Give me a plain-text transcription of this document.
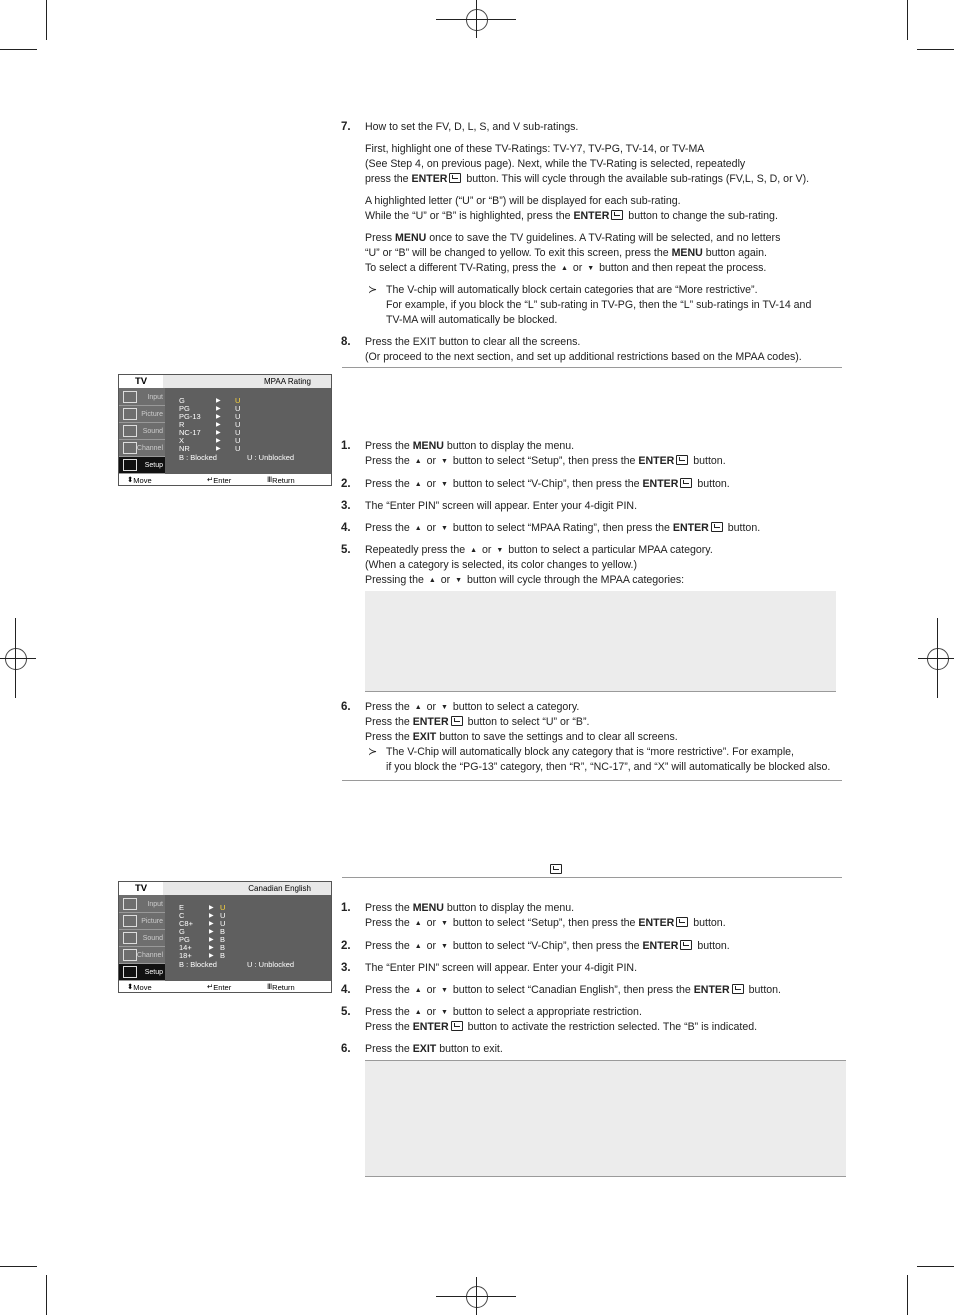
7. How to set the FV, D, L, S, and V sub-ratings.
First, highlight one of these TV-Ratings: TV-Y7, TV-PG, TV-14, or TV-MA
(See Step 4, on previous page). Next, while the TV-Rating is selected, repeatedly
press the ENTER button. This will cycle through the available sub-ratings (FV,L, S, D, or V).
A highlighted letter (“U” or “B”) will be displayed for each sub-rating.
While the “U” or “B” is highlighted, press the ENTER button to change the sub-rating.
Press MENU once to save the TV guidelines. A TV-Rating will be selected, and no letters
“U” or “B” will be changed to yellow. To exit this screen, press the MENU button again.
To select a different TV-Rating, press the ▲ or ▼ button and then repeat the process.
≻ The V-chip will automatically block certain categories that are “More restrictive”.
For example, if you block the “L” sub-rating in TV-PG, then the “L” sub-ratings in TV-14 and
TV-MA will automatically be blocked.
8. Press the EXIT button to clear all the screens.
(Or proceed to the next section, and set up additional restrictions based on the MPAA codes).
TV	MPAA Rating
Input
Picture
Sound
Channel
Setup
G	▶ U
PG	▶ U
PG-13	▶ U
R	▶ U
NC-17	▶ U
X	▶ U
NR	▶ U
B : Blocked	U : Unblocked
⬍ Move	↵ Enter	Ⅲ Return
1. Press the MENU button to display the menu.
Press the ▲ or ▼ button to select “Setup”, then press the ENTER button.
2. Press the ▲ or ▼ button to select “V-Chip”, then press the ENTER button.
3. The “Enter PIN” screen will appear. Enter your 4-digit PIN.
4. Press the ▲ or ▼ button to select “MPAA Rating”, then press the ENTER button.
5. Repeatedly press the ▲ or ▼ button to select a particular MPAA category.
(When a category is selected, its color changes to yellow.)
Pressing the ▲ or ▼ button will cycle through the MPAA categories:
6. Press the ▲ or ▼ button to select a category.
Press the ENTER button to select “U” or “B”.
Press the EXIT button to save the settings and to clear all screens.
≻ The V-Chip will automatically block any category that is “more restrictive”. For example,
if you block the “PG-13” category, then “R”, “NC-17”, and “X” will automatically be blocked also.
TV	Canadian English
Input
Picture
Sound
Channel
Setup
E	▶ U
C	▶ U
C8+	▶ U
G	▶ B
PG	▶ B
14+	▶ B
18+	▶ B
B : Blocked	U : Unblocked
⬍ Move	↵ Enter	Ⅲ Return
1. Press the MENU button to display the menu.
Press the ▲ or ▼ button to select “Setup”, then press the ENTER button.
2. Press the ▲ or ▼ button to select “V-Chip”, then press the ENTER button.
3. The “Enter PIN” screen will appear. Enter your 4-digit PIN.
4. Press the ▲ or ▼ button to select “Canadian English”, then press the ENTER button.
5. Press the ▲ or ▼ button to select a appropriate restriction.
Press the ENTER button to activate the restriction selected. The “B” is indicated.
6. Press the EXIT button to exit.
